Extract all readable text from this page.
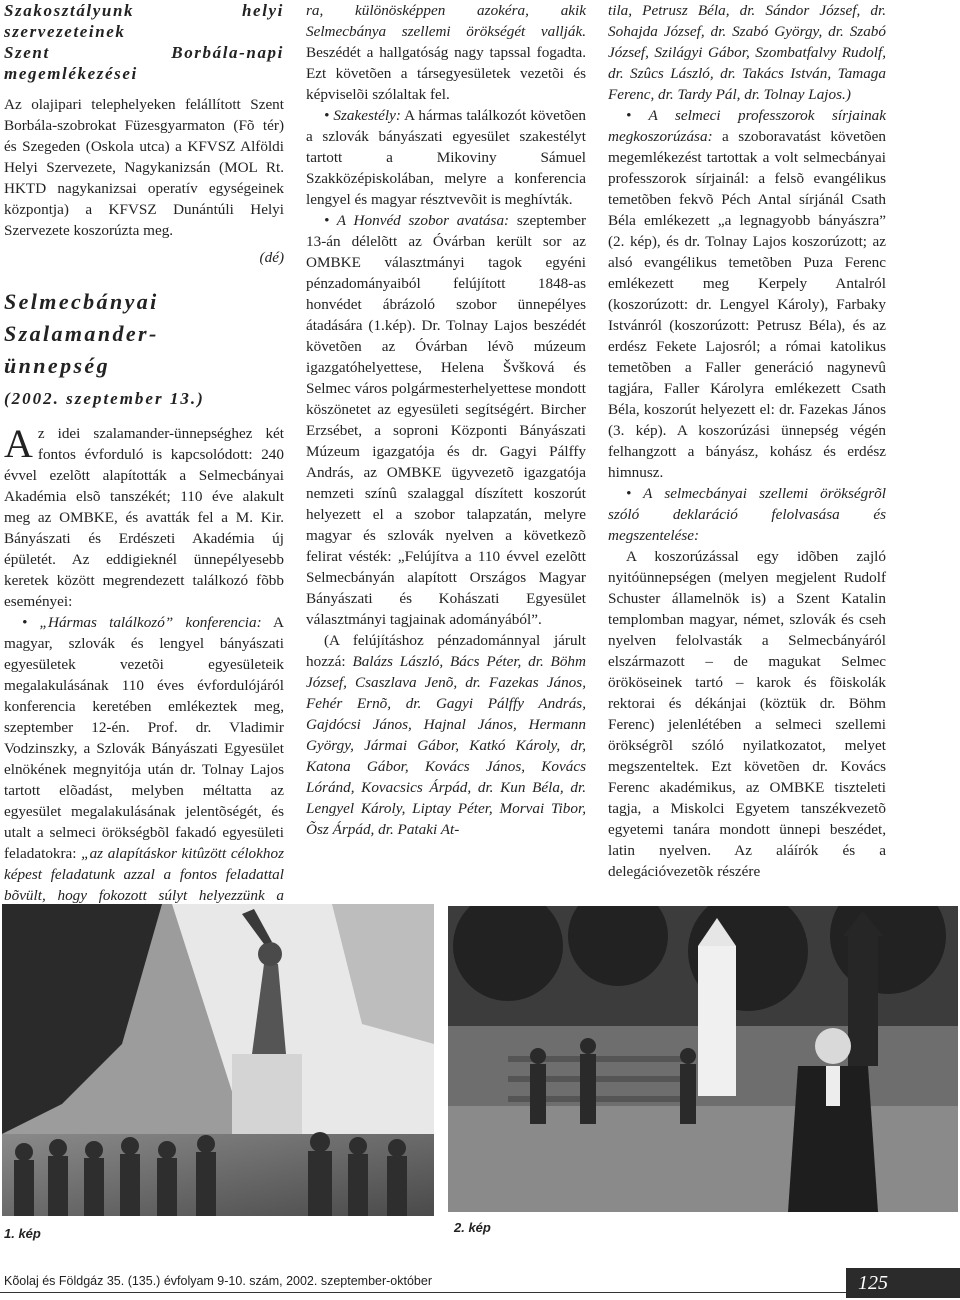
Szakosztályunk helyi szervezeteinek

Szent Borbála-napi megemlékezései

Az olajipari telephelyeken felállított Szent Borbála-szobrokat Füzesgyarmaton (Fõ tér) és Szegeden (Oskola utca) a KFVSZ Alföldi Helyi Szervezete, Nagykanizsán (MOL Rt. HKTD nagykanizsai operatív egységeinek központja) a KFVSZ Dunántúli Helyi Szervezete koszorúzta meg.

(dé)

Selmecbányai Szalamander-

ünnepség

(2002. szeptember 13.)

Az idei szalamander-ünnepséghez két fontos évforduló is kapcsolódott: 240 évvel ezelõtt alapították a Selmecbányai Akadémia elsõ tanszékét; 110 éve alakult meg az OMBKE, és avatták fel a M. Kir. Bányászati és Erdészeti Akadémia új épületét. Az eddigieknél ünnepélyesebb keretek között megrendezett találkozó fõbb eseményei:

• „Hármas találkozó” konferencia: A magyar, szlovák és lengyel bányászati egyesületek vezetõi egyesületeik megalakulásának 110 éves évfordulójáról konferencia keretében emlékeztek meg, szeptember 12-én. Prof. dr. Vladimir Vodzinszky, a Szlovák Bányászati Egyesület elnökének megnyitója után dr. Tolnay Lajos tartott elõadást, melyben méltatta az egyesület megalakulásának jelentõségét, és utalt a selmeci örökségbõl fakadó egyesületi feladatokra: „az alapításkor kitûzött célokhoz képest feladatunk azzal a fontos feladattal bõvült, hogy fokozott súlyt helyezzünk a

ra, különösképpen azokéra, akik Selmecbánya szellemi örökségét vallják. Beszédét a hallgatóság nagy tapssal fogadta. Ezt követõen a társegyesületek vezetõi és képviselõi szólaltak fel.

• Szakestély: A hármas találkozót követõen a szlovák bányászati egyesület szakestélyt tartott a Mikoviny Sámuel Szakközépiskolában, melyre a konferencia lengyel és magyar résztvevõit is meghívták.

• A Honvéd szobor avatása: szeptember 13-án délelõtt az Óvárban került sor az OMBKE választmányi tagok egyéni pénzadományaiból felújított 1848-as honvédet ábrázoló szobor ünnepélyes átadására (1.kép). Dr. Tolnay Lajos beszédét követõen az Óvárban lévõ múzeum igazgatóhelyettese, Helena Švšková és Selmec város polgármesterhelyettese mondott köszönetet az egyesületi segítségért. Bircher Erzsébet, a soproni Központi Bányászati Múzeum igazgatója és dr. Gagyi Pálffy András, az OMBKE ügyvezetõ igazgatója nemzeti színû szalaggal díszített koszorút helyezett el a szobor talapzatán, melyre magyar és szlovák nyelven a következõ felirat vésték: „Felújítva a 110 évvel ezelõtt Selmecbányán alapított Országos Magyar Bányászati és Kohászati Egyesület választmányi tagjainak adományából”.

(A felújításhoz pénzadománnyal járult hozzá: Balázs László, Bács Péter, dr. Böhm József, Csaszlava Jenõ, dr. Fazekas János, Fehér Ernõ, dr. Gagyi Pálffy András, Gajdócsi János, Hajnal János, Hermann György, Jármai Gábor, Katkó Károly, dr, Katona Gábor, Kovács János, Kovács Lóránd, Kovacsics Árpád, dr. Kun Béla, dr. Lengyel Károly, Liptay Péter, Morvai Tibor, Õsz Árpád, dr. Pataki At-

tila, Petrusz Béla, dr. Sándor József, dr. Sohajda József, dr. Szabó György, dr. Szabó József, Szilágyi Gábor, Szombatfalvy Rudolf, dr. Szûcs László, dr. Takács István, Tamaga Ferenc, dr. Tardy Pál, dr. Tolnay Lajos.)

• A selmeci professzorok sírjainak megkoszorúzása: a szoboravatást követõen megemlékezést tartottak a volt selmecbányai professzorok sírjainál: a felsõ evangélikus temetõben fekvõ Péch Antal sírjánál Csath Béla emlékezett „a legnagyobb bányászra” (2. kép), és dr. Tolnay Lajos koszorúzott; az alsó evangélikus temetõben Puza Ferenc emlékezett meg Kerpely Antalról (koszorúzott: dr. Lengyel Károly), Farbaky Istvánról (koszorúzott: Petrusz Béla), és az erdész Fekete Lajosról; a római katolikus temetõben a Faller generáció nagynevû tagjára, Faller Károlyra emlékezett Csath Béla, koszorút helyezett el: dr. Fazekas János (3. kép). A koszorúzási ünnepség végén felhangzott a bányász, kohász és erdész himnusz.

• A selmecbányai szellemi örökségrõl szóló deklaráció felolvasása és megszentelése:

A koszorúzással egy idõben zajló nyitóünnepségen (melyen megjelent Rudolf Schuster államelnök is) a Szent Katalin templomban magyar, német, szlovák és cseh nyelven felolvasták a Selmecbányáról elszármazott – de magukat Selmec örököseinek tartó – karok és fõiskolák rektorai és dékánjai (köztük dr. Böhm Ferenc) jelenlétében a selmeci szellemi örökségrõl szóló nyilatkozatot, melyet megszenteltek. Ezt követõen dr. Kovács Ferenc akadémikus, az OMBKE tiszteleti tagja, a Miskolci Egyetem tanszékvezetõ egyetemi tanára mondott ünnepi beszédet, latin nyelven. Az aláírók és a delegációvezetõk részére

1. kép	2. kép
Kõolaj és Földgáz 35. (135.) évfolyam 9-10. szám, 2002. szeptember-október	125
